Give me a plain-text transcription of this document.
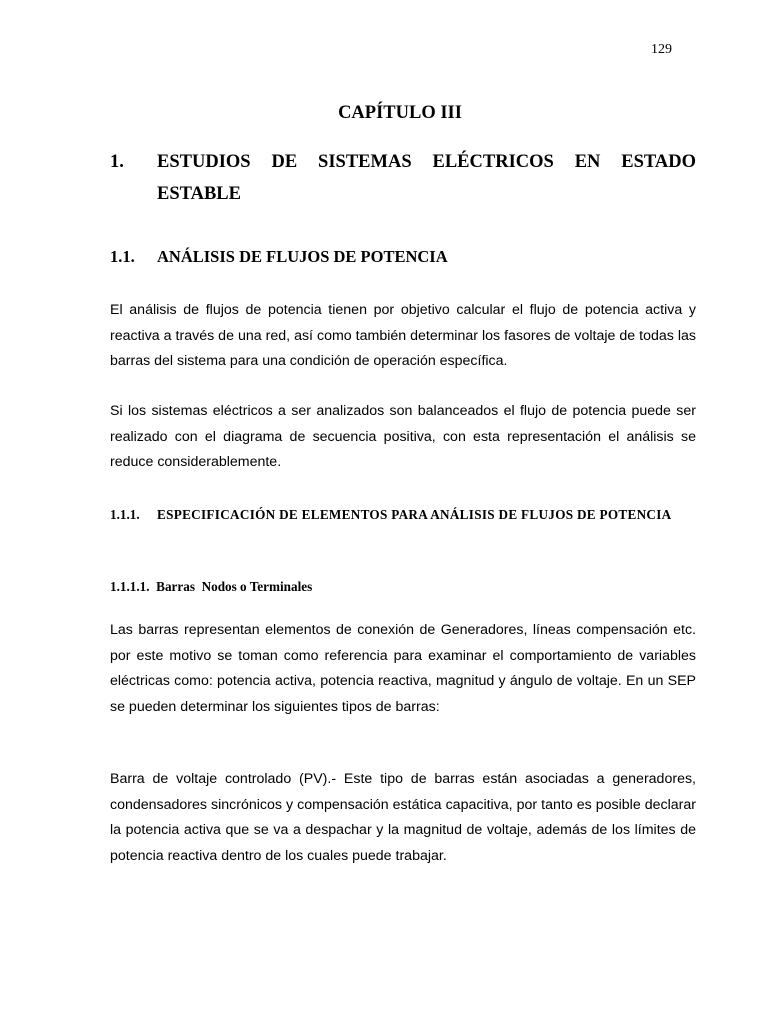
129
CAPÍTULO III
1. ESTUDIOS DE SISTEMAS ELÉCTRICOS EN ESTADO ESTABLE
1.1. ANÁLISIS DE FLUJOS DE POTENCIA

El análisis de flujos de potencia tienen por objetivo calcular el flujo de potencia activa y reactiva a través de una red, así como también determinar los fasores de voltaje de todas las barras del sistema para una condición de operación específica.

Si los sistemas eléctricos a ser analizados son balanceados el flujo de potencia puede ser realizado con el diagrama de secuencia positiva, con esta representación el análisis se reduce considerablemente.

1.1.1. ESPECIFICACIÓN DE ELEMENTOS PARA ANÁLISIS DE FLUJOS DE POTENCIA
1.1.1.1.  Barras  Nodos o Terminales

Las barras representan elementos de conexión de Generadores, líneas compensación etc. por este motivo se toman como referencia para examinar el comportamiento de variables eléctricas como: potencia activa, potencia reactiva, magnitud y ángulo de voltaje. En un SEP se pueden determinar los siguientes tipos de barras:

Barra de voltaje controlado (PV).- Este tipo de barras están asociadas a generadores, condensadores sincrónicos y compensación estática capacitiva, por tanto es posible declarar la potencia activa que se va a despachar y la magnitud de voltaje, además de los límites de potencia reactiva dentro de los cuales puede trabajar.
